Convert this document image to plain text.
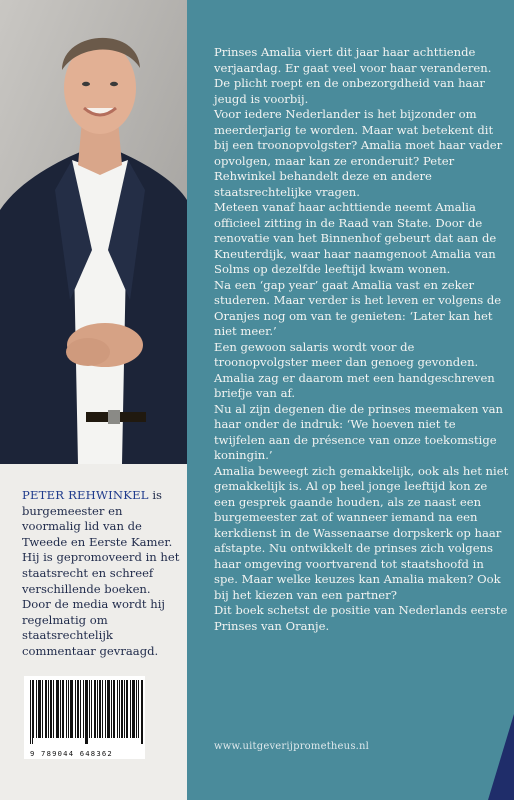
PETER REHWINKEL is burgemeester en voormalig lid van de Tweede en Eerste Kamer. Hij is gepromoveerd in het staatsrecht en schreef verschillende boeken. Door de media wordt hij regelmatig om staatsrechtelijk commentaar gevraagd.
9 789044 648362

Prinses Amalia viert dit jaar haar achttiende verjaardag. Er gaat veel voor haar veranderen. De plicht roept en de onbezorgdheid van haar jeugd is voorbij.

Voor iedere Nederlander is het bijzonder om meerderjarig te worden. Maar wat betekent dit bij een troonopvolgster? Amalia moet haar vader opvolgen, maar kan ze eronderuit? Peter Rehwinkel behandelt deze en andere staatsrechtelijke vragen.

Meteen vanaf haar achttiende neemt Amalia officieel zitting in de Raad van State. Door de renovatie van het Binnenhof gebeurt dat aan de Kneuterdijk, waar haar naamgenoot Amalia van Solms op dezelfde leeftijd kwam wonen.

Na een ‘gap year’ gaat Amalia vast en zeker studeren. Maar verder is het leven er volgens de Oranjes nog om van te genieten: ‘Later kan het niet meer.’

Een gewoon salaris wordt voor de troonopvolgster meer dan genoeg gevonden. Amalia zag er daarom met een handgeschreven briefje van af.

Nu al zijn degenen die de prinses meemaken van haar onder de indruk: ‘We hoeven niet te twijfelen aan de présence van onze toekomstige koningin.’

Amalia beweegt zich gemakkelijk, ook als het niet gemakkelijk is. Al op heel jonge leeftijd kon ze een gesprek gaande houden, als ze naast een burgemeester zat of wanneer iemand na een kerkdienst in de Wassenaarse dorpskerk op haar afstapte. Nu ontwikkelt de prinses zich volgens haar omgeving voortvarend tot staatshoofd in spe. Maar welke keuzes kan Amalia maken? Ook bij het kiezen van een partner?

Dit boek schetst de positie van Nederlands eerste Prinses van Oranje.

www.uitgeverijprometheus.nl
